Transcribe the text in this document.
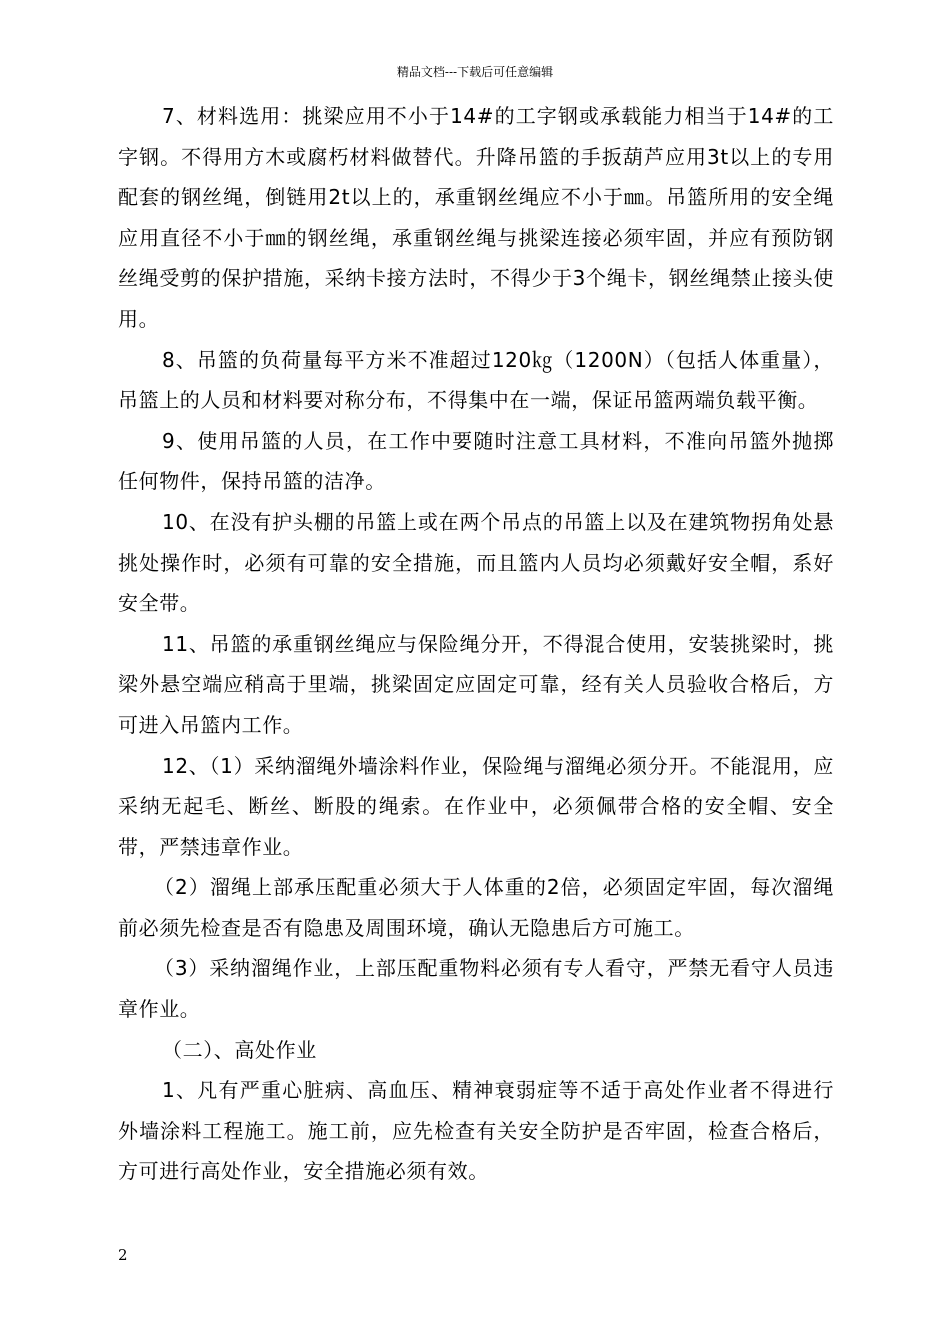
精品文档---下载后可任意编辑

7、材料选用：挑梁应用不小于14#的工字钢或承载能力相当于14#的工字钢。不得用方木或腐朽材料做替代。升降吊篮的手扳葫芦应用3t以上的专用配套的钢丝绳，倒链用2t以上的，承重钢丝绳应不小于㎜。吊篮所用的安全绳应用直径不小于㎜的钢丝绳，承重钢丝绳与挑梁连接必须牢固，并应有预防钢丝绳受剪的保护措施，采纳卡接方法时，不得少于3个绳卡，钢丝绳禁止接头使用。

8、吊篮的负荷量每平方米不准超过120㎏（1200N）（包括人体重量），吊篮上的人员和材料要对称分布，不得集中在一端，保证吊篮两端负载平衡。

9、使用吊篮的人员，在工作中要随时注意工具材料，不准向吊篮外抛掷任何物件，保持吊篮的洁净。

10、在没有护头棚的吊篮上或在两个吊点的吊篮上以及在建筑物拐角处悬挑处操作时，必须有可靠的安全措施，而且篮内人员均必须戴好安全帽，系好安全带。

11、吊篮的承重钢丝绳应与保险绳分开，不得混合使用，安装挑梁时，挑梁外悬空端应稍高于里端，挑梁固定应固定可靠，经有关人员验收合格后，方可进入吊篮内工作。

12、（1）采纳溜绳外墙涂料作业，保险绳与溜绳必须分开。不能混用，应采纳无起毛、断丝、断股的绳索。在作业中，必须佩带合格的安全帽、安全带，严禁违章作业。

（2）溜绳上部承压配重必须大于人体重的2倍，必须固定牢固，每次溜绳前必须先检查是否有隐患及周围环境，确认无隐患后方可施工。

（3）采纳溜绳作业，上部压配重物料必须有专人看守，严禁无看守人员违章作业。

（二）、高处作业

1、凡有严重心脏病、高血压、精神衰弱症等不适于高处作业者不得进行外墙涂料工程施工。施工前，应先检查有关安全防护是否牢固，检查合格后，方可进行高处作业，安全措施必须有效。

2
